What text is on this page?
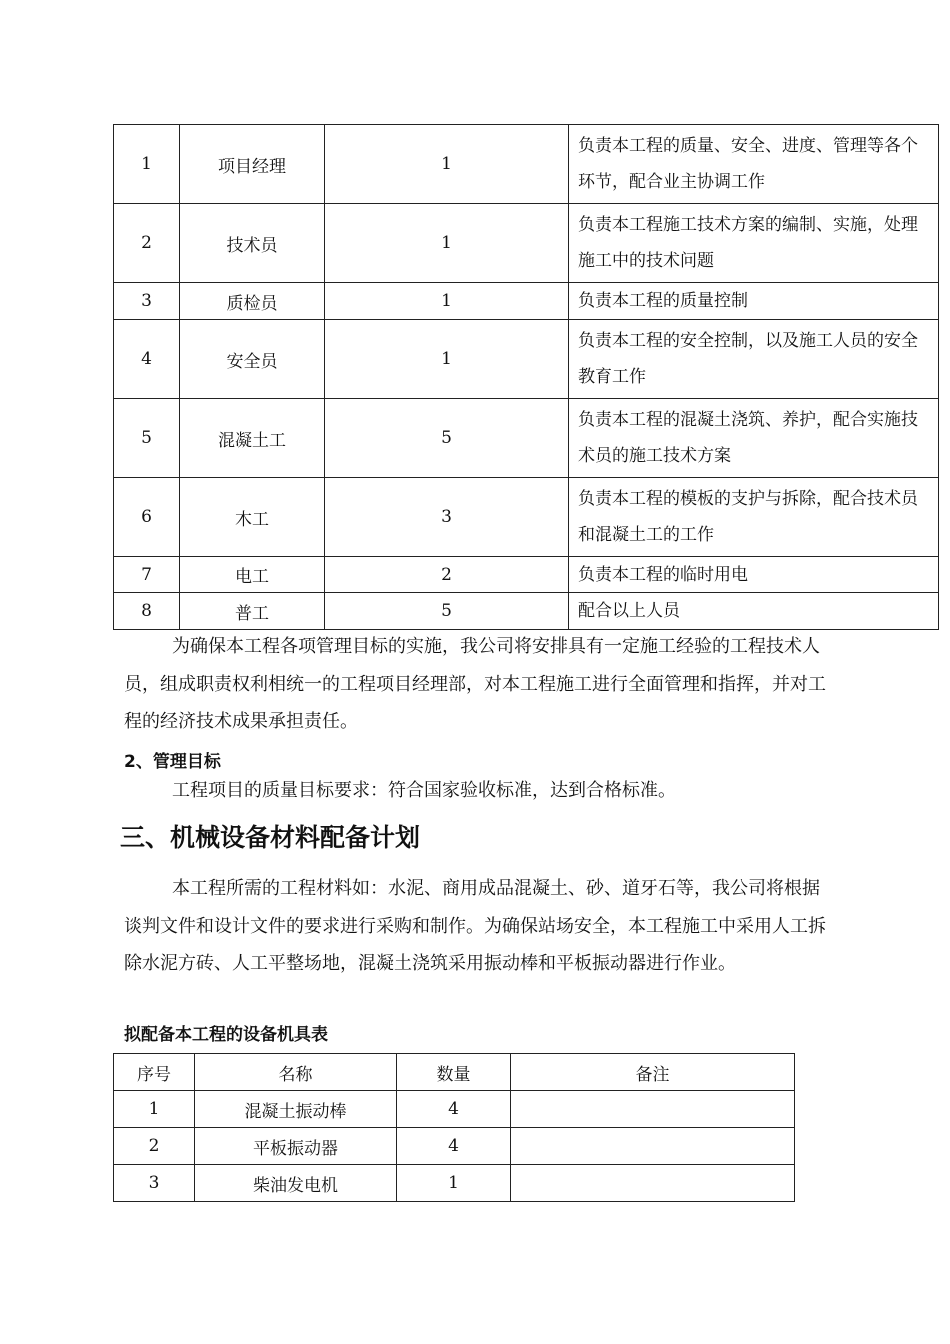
1	项目经理	1	负责本工程的质量、安全、进度、管理等各个环节，配合业主协调工作
2	技术员	1	负责本工程施工技术方案的编制、实施，处理施工中的技术问题
3	质检员	1	负责本工程的质量控制
4	安全员	1	负责本工程的安全控制，以及施工人员的安全教育工作
5	混凝土工	5	负责本工程的混凝土浇筑、养护，配合实施技术员的施工技术方案
6	木工	3	负责本工程的模板的支护与拆除，配合技术员和混凝土工的工作
7	电工	2	负责本工程的临时用电
8	普工	5	配合以上人员

为确保本工程各项管理目标的实施，我公司将安排具有一定施工经验的工程技术人员，组成职责权利相统一的工程项目经理部，对本工程施工进行全面管理和指挥，并对工程的经济技术成果承担责任。

2、管理目标

工程项目的质量目标要求：符合国家验收标准，达到合格标准。

三、机械设备材料配备计划

本工程所需的工程材料如：水泥、商用成品混凝土、砂、道牙石等，我公司将根据谈判文件和设计文件的要求进行采购和制作。为确保站场安全，本工程施工中采用人工拆除水泥方砖、人工平整场地，混凝土浇筑采用振动棒和平板振动器进行作业。

拟配备本工程的设备机具表

序号	名称	数量	备注
1	混凝土振动棒	4	
2	平板振动器	4	
3	柴油发电机	1	
